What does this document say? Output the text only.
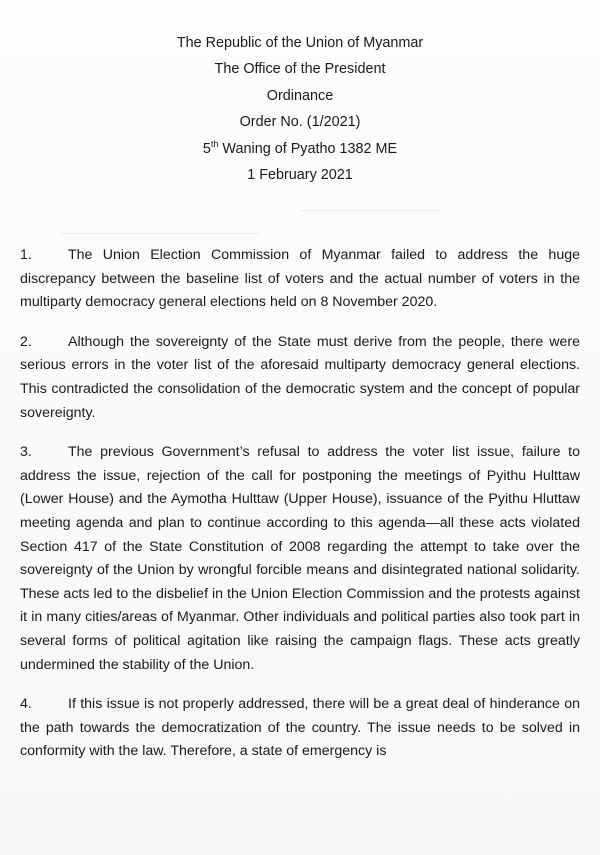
The Republic of the Union of Myanmar
The Office of the President
Ordinance
Order No. (1/2021)
5th Waning of Pyatho 1382 ME
1 February 2021

1.	The Union Election Commission of Myanmar failed to address the huge discrepancy between the baseline list of voters and the actual number of voters in the multiparty democracy general elections held on 8 November 2020.

2.	Although the sovereignty of the State must derive from the people, there were serious errors in the voter list of the aforesaid multiparty democracy general elections. This contradicted the consolidation of the democratic system and the concept of popular sovereignty.

3.	The previous Government’s refusal to address the voter list issue, failure to address the issue, rejection of the call for postponing the meetings of Pyithu Hulttaw (Lower House) and the Aymotha Hulttaw (Upper House), issuance of the Pyithu Hluttaw meeting agenda and plan to continue according to this agenda—all these acts violated Section 417 of the State Constitution of 2008 regarding the attempt to take over the sovereignty of the Union by wrongful forcible means and disintegrated national solidarity. These acts led to the disbelief in the Union Election Commission and the protests against it in many cities/areas of Myanmar. Other individuals and political parties also took part in several forms of political agitation like raising the campaign flags. These acts greatly undermined the stability of the Union.

4.	If this issue is not properly addressed, there will be a great deal of hinderance on the path towards the democratization of the country. The issue needs to be solved in conformity with the law. Therefore, a state of emergency is
